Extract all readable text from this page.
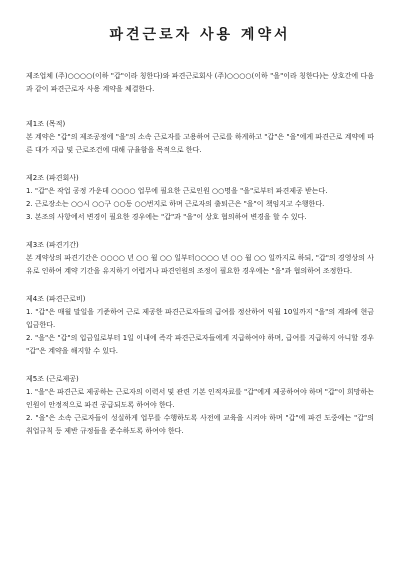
파견근로자 사용 계약서

제조업체 (주)○○○○(이하 "갑"이라 칭한다)와 파견근로회사 (주)○○○○(이하 "을"이라 칭한다)는 상호간에 다음과 같이 파견근로자 사용 계약을 체결한다.

제1조 (목적)

본 계약은 "갑"의 제조공정에 "을"의 소속 근로자를 고용하여 근로를 하게하고 "갑"은 "을"에게 파견근로 계약에 따른 대가 지급 및 근로조건에 대해 규율함을 목적으로 한다.

제2조 (파견회사)

1. "갑"은 작업 공정 가운데 ○○○○ 업무에 필요한 근로인원 ○○명을 "을"로부터 파견제공 받는다.

2. 근로장소는 ○○시 ○○구 ○○동 ○○번지로 하며 근로자의 출퇴근은 "을"이 책임지고 수행한다.

3. 본조의 사항에서 변경이 필요한 경우에는 "갑"과 "을"이 상호 협의하여 변경을 할 수 있다.

제3조 (파견기간)

본 계약상의 파견기간은 ○○○○ 년 ○○ 월 ○○ 일부터○○○○ 년 ○○ 월 ○○ 일까지로 하되, "갑"의 경영상의 사유로 인하여 계약 기간을 유지하기 어렵거나 파견인원의 조정이 필요한 경우에는 "을"과 협의하여 조정한다.

제4조 (파견근로비)

1. "갑"은 매월 말일을 기준하여 근로 제공한 파견근로자들의 급여를 정산하여 익월 10일까지 "을"의 계좌에 현금 입금한다.

2. "을"은 "갑"의 입금일로부터 1일 이내에 즉각 파견근로자들에게 지급하여야 하며, 급여를 지급하지 아니할 경우 "갑"은 계약을 해지할 수 있다.

제5조 (근로제공)

1. "을"은 파견근로 제공하는 근로자의 이력서 및 관련 기본 인적자료를 "갑"에게 제공하여야 하며 "갑"이 희망하는 인원이 안정적으로 파견 공급되도록 하여야 한다.

2. "을"은 소속 근로자들이 성실하게 업무를 수행하도록 사전에 교육을 시켜야 하며 "갑"에 파견 도중에는 "갑"의 취업규칙 등 제반 규정들을 준수하도록 하여야 한다.
